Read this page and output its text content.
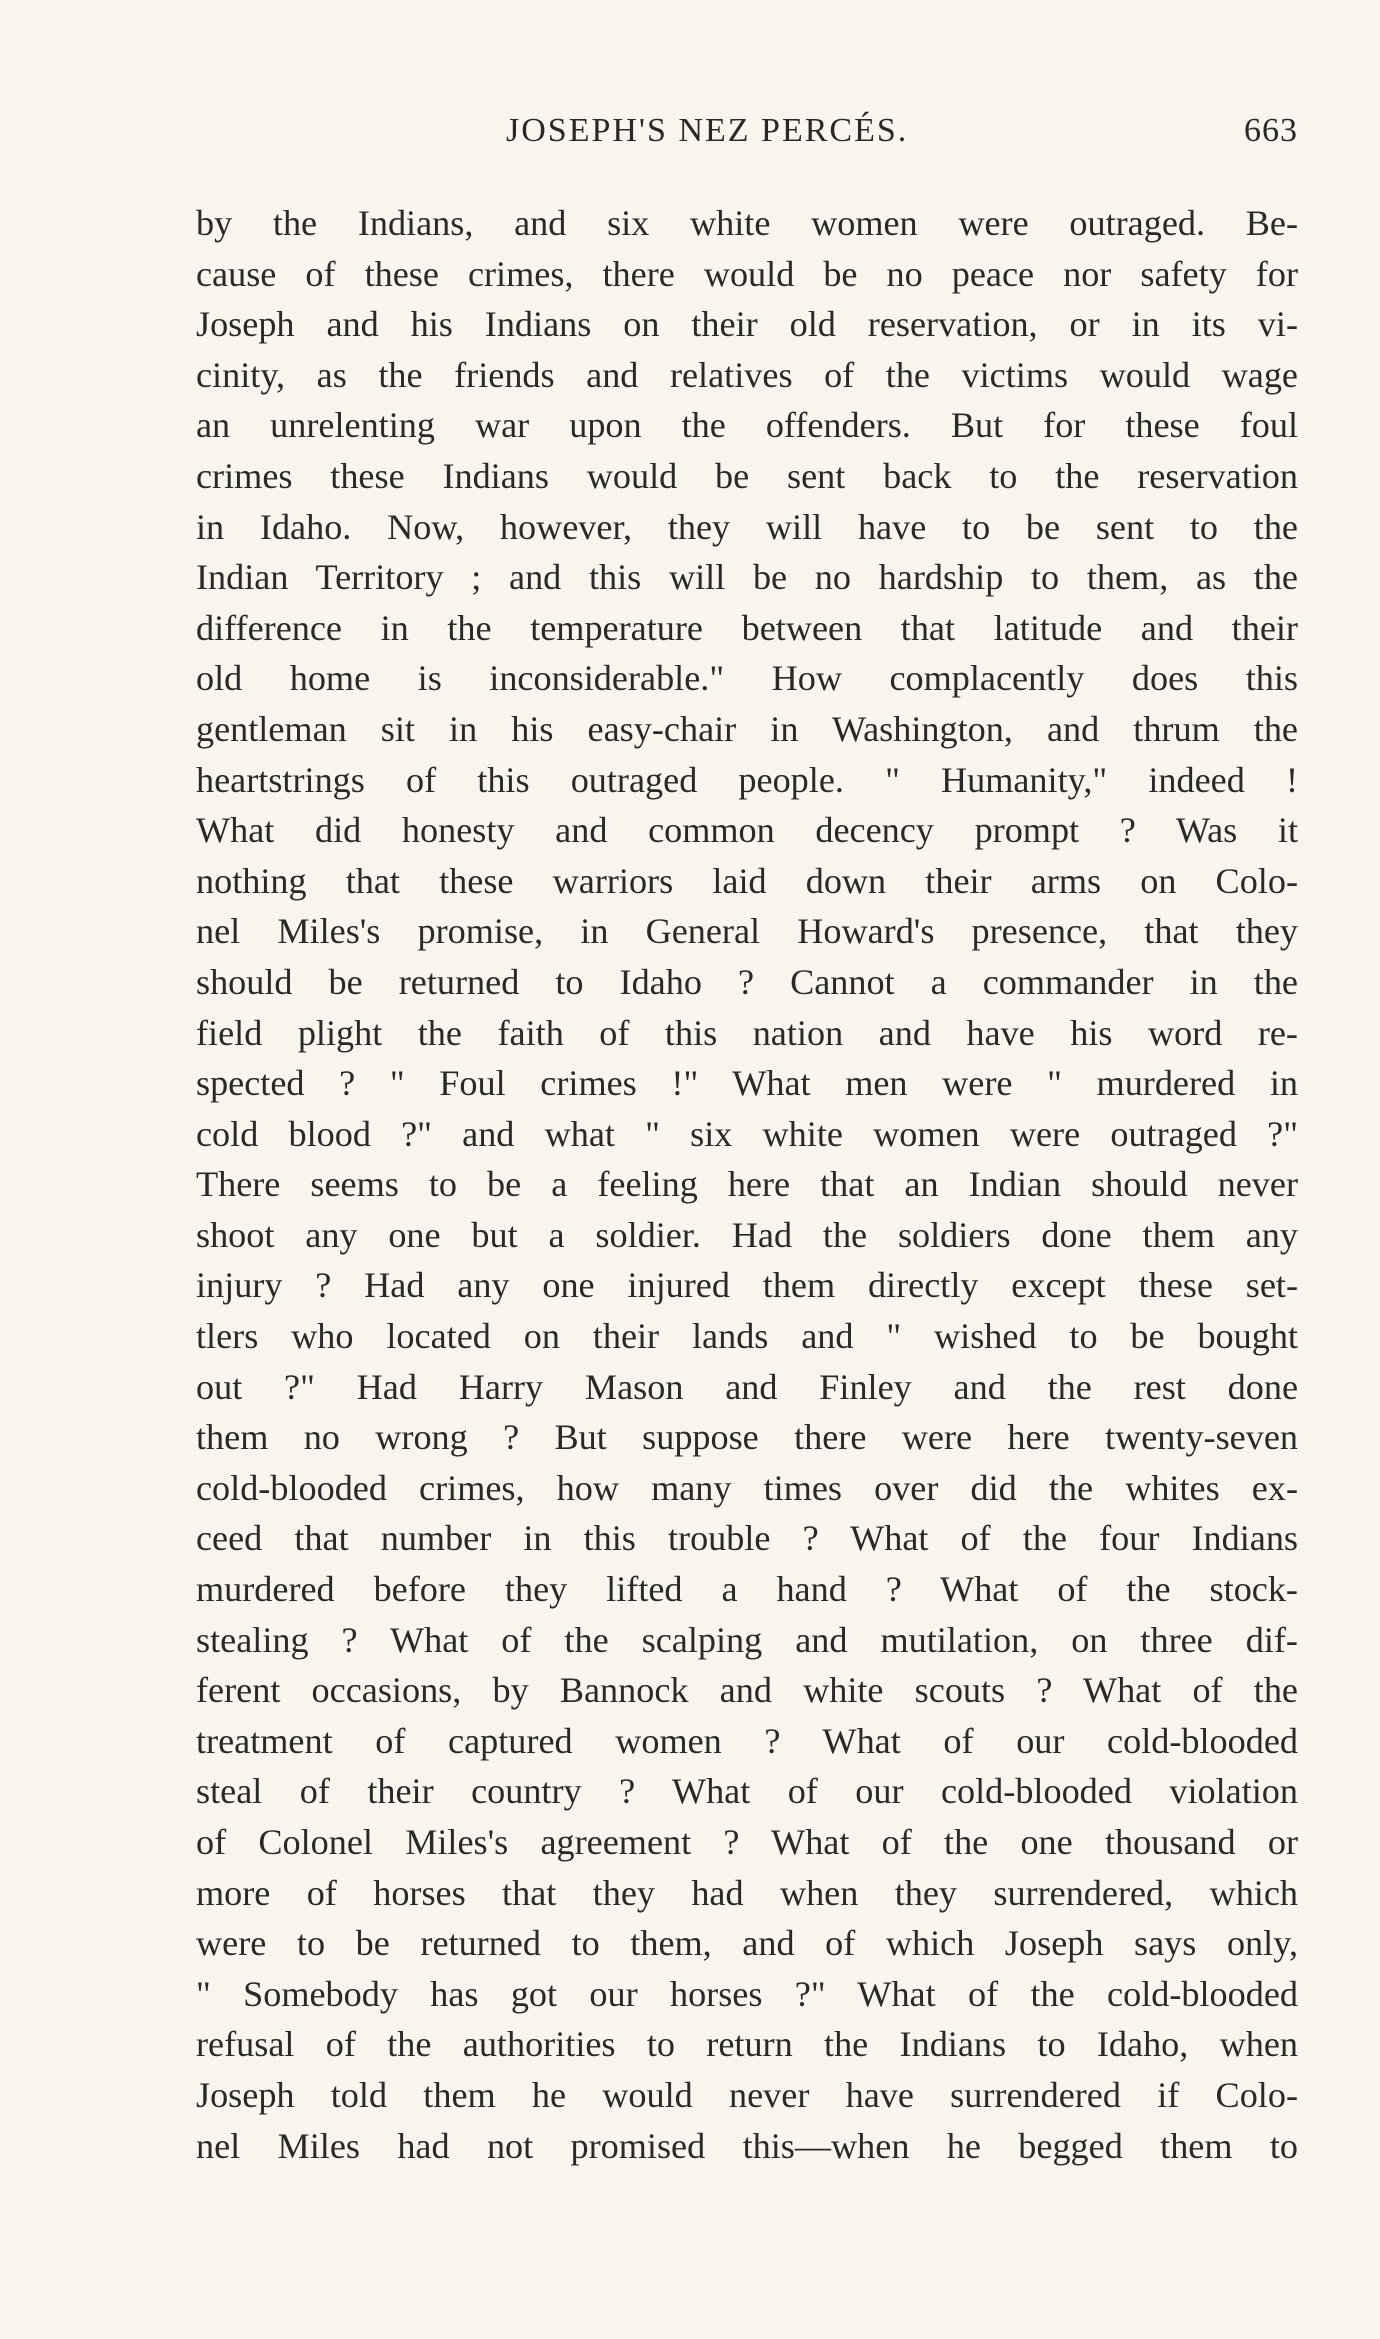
JOSEPH'S NEZ PERCÉS.	663
by the Indians, and six white women were outraged. Be-
cause of these crimes, there would be no peace nor safety for
Joseph and his Indians on their old reservation, or in its vi-
cinity, as the friends and relatives of the victims would wage
an unrelenting war upon the offenders. But for these foul
crimes these Indians would be sent back to the reservation
in Idaho. Now, however, they will have to be sent to the
Indian Territory ; and this will be no hardship to them, as the
difference in the temperature between that latitude and their
old home is inconsiderable." How complacently does this
gentleman sit in his easy-chair in Washington, and thrum the
heartstrings of this outraged people. " Humanity," indeed !
What did honesty and common decency prompt ? Was it
nothing that these warriors laid down their arms on Colo-
nel Miles's promise, in General Howard's presence, that they
should be returned to Idaho ? Cannot a commander in the
field plight the faith of this nation and have his word re-
spected ? " Foul crimes !" What men were " murdered in
cold blood ?" and what " six white women were outraged ?"
There seems to be a feeling here that an Indian should never
shoot any one but a soldier. Had the soldiers done them any
injury ? Had any one injured them directly except these set-
tlers who located on their lands and " wished to be bought
out ?" Had Harry Mason and Finley and the rest done
them no wrong ? But suppose there were here twenty-seven
cold-blooded crimes, how many times over did the whites ex-
ceed that number in this trouble ? What of the four Indians
murdered before they lifted a hand ? What of the stock-
stealing ? What of the scalping and mutilation, on three dif-
ferent occasions, by Bannock and white scouts ? What of the
treatment of captured women ? What of our cold-blooded
steal of their country ? What of our cold-blooded violation
of Colonel Miles's agreement ? What of the one thousand or
more of horses that they had when they surrendered, which
were to be returned to them, and of which Joseph says only,
" Somebody has got our horses ?" What of the cold-blooded
refusal of the authorities to return the Indians to Idaho, when
Joseph told them he would never have surrendered if Colo-
nel Miles had not promised this—when he begged them to
